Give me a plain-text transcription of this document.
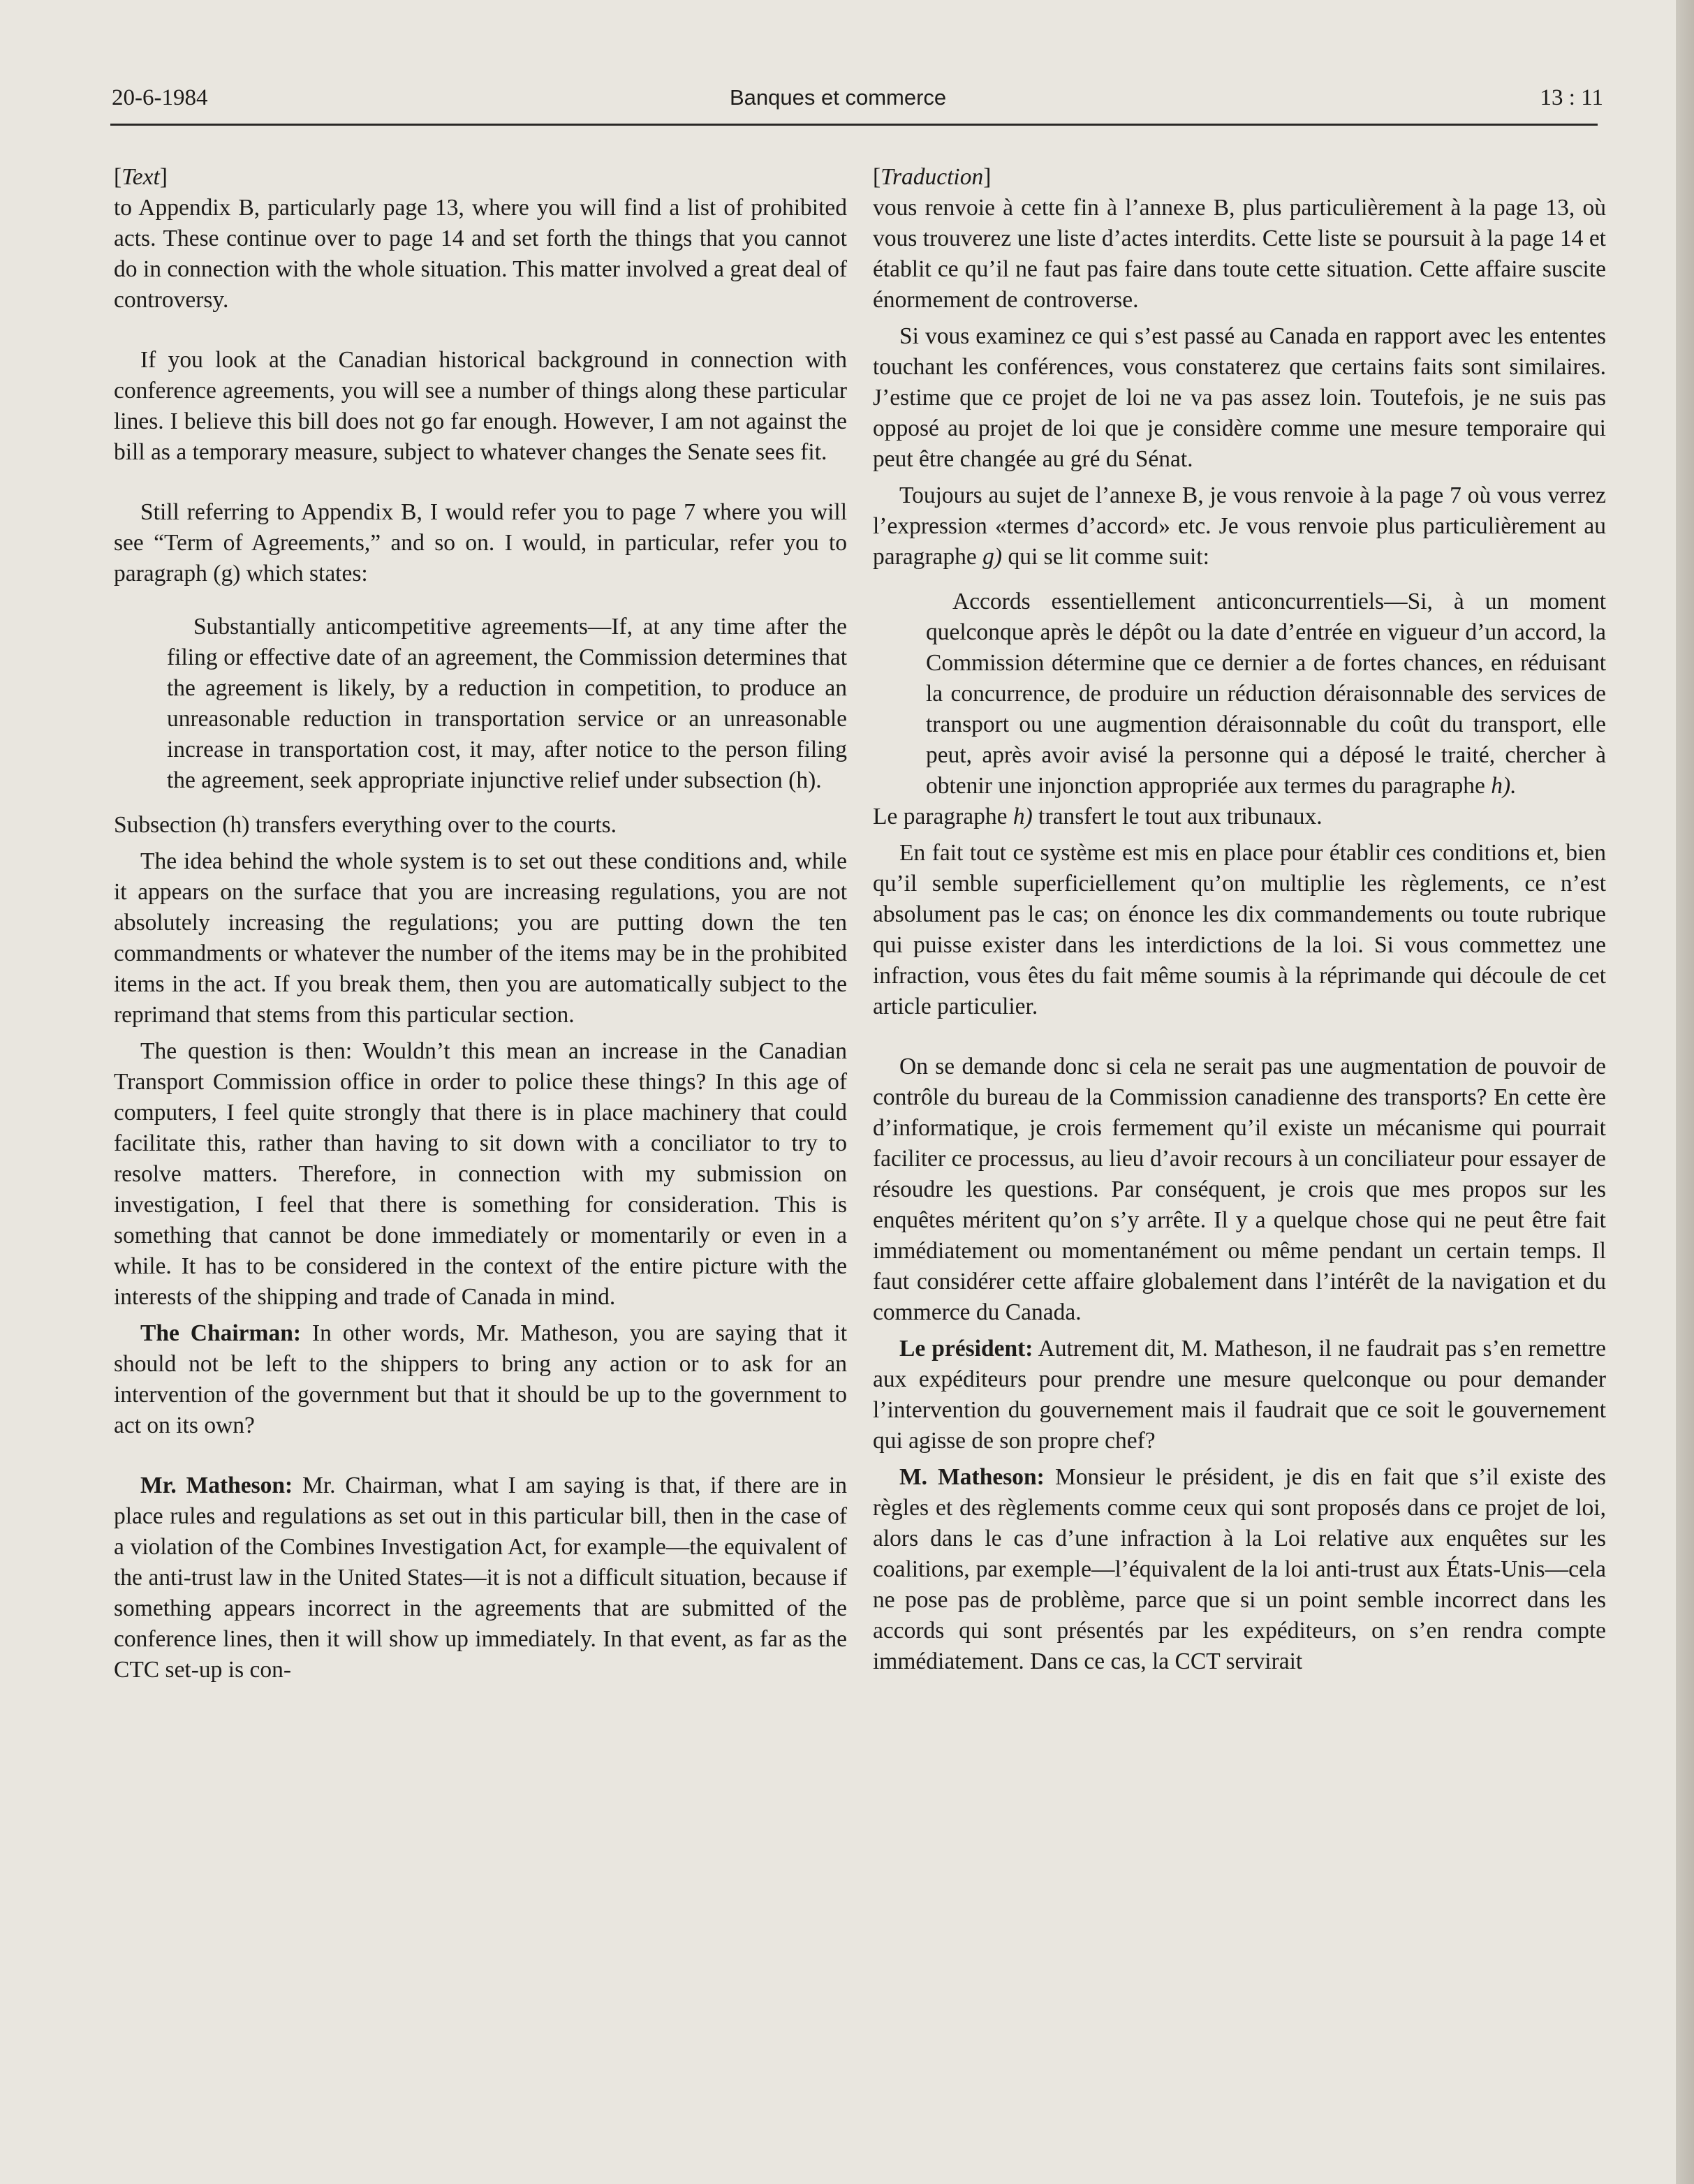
20-6-1984	Banques et commerce	13 : 11
[Text]

to Appendix B, particularly page 13, where you will find a list of prohibited acts. These continue over to page 14 and set forth the things that you cannot do in connection with the whole situation. This matter involved a great deal of controversy.

If you look at the Canadian historical background in connection with conference agreements, you will see a number of things along these particular lines. I believe this bill does not go far enough. However, I am not against the bill as a temporary measure, subject to whatever changes the Senate sees fit.

Still referring to Appendix B, I would refer you to page 7 where you will see “Term of Agreements,” and so on. I would, in particular, refer you to paragraph (g) which states:

Substantially anticompetitive agreements—If, at any time after the filing or effective date of an agreement, the Commission determines that the agreement is likely, by a reduction in competition, to produce an unreasonable reduction in transportation service or an unreasonable increase in transportation cost, it may, after notice to the person filing the agreement, seek appropriate injunctive relief under subsection (h).

Subsection (h) transfers everything over to the courts.

The idea behind the whole system is to set out these conditions and, while it appears on the surface that you are increasing regulations, you are not absolutely increasing the regulations; you are putting down the ten commandments or whatever the number of the items may be in the prohibited items in the act. If you break them, then you are automatically subject to the reprimand that stems from this particular section.

The question is then: Wouldn’t this mean an increase in the Canadian Transport Commission office in order to police these things? In this age of computers, I feel quite strongly that there is in place machinery that could facilitate this, rather than having to sit down with a conciliator to try to resolve matters. Therefore, in connection with my submission on investigation, I feel that there is something for consideration. This is something that cannot be done immediately or momentarily or even in a while. It has to be considered in the context of the entire picture with the interests of the shipping and trade of Canada in mind.

The Chairman: In other words, Mr. Matheson, you are saying that it should not be left to the shippers to bring any action or to ask for an intervention of the government but that it should be up to the government to act on its own?

Mr. Matheson: Mr. Chairman, what I am saying is that, if there are in place rules and regulations as set out in this particular bill, then in the case of a violation of the Combines Investigation Act, for example—the equivalent of the anti-trust law in the United States—it is not a difficult situation, because if something appears incorrect in the agreements that are submitted of the conference lines, then it will show up immediately. In that event, as far as the CTC set-up is con-

[Traduction]

vous renvoie à cette fin à l’annexe B, plus particulièrement à la page 13, où vous trouverez une liste d’actes interdits. Cette liste se poursuit à la page 14 et établit ce qu’il ne faut pas faire dans toute cette situation. Cette affaire suscite énormement de controverse.

Si vous examinez ce qui s’est passé au Canada en rapport avec les ententes touchant les conférences, vous constaterez que certains faits sont similaires. J’estime que ce projet de loi ne va pas assez loin. Toutefois, je ne suis pas opposé au projet de loi que je considère comme une mesure temporaire qui peut être changée au gré du Sénat.

Toujours au sujet de l’annexe B, je vous renvoie à la page 7 où vous verrez l’expression «termes d’accord» etc. Je vous renvoie plus particulièrement au paragraphe g) qui se lit comme suit:

Accords essentiellement anticoncurrentiels—Si, à un moment quelconque après le dépôt ou la date d’entrée en vigueur d’un accord, la Commission détermine que ce dernier a de fortes chances, en réduisant la concurrence, de produire un réduction déraisonnable des services de transport ou une augmention déraisonnable du coût du transport, elle peut, après avoir avisé la personne qui a déposé le traité, chercher à obtenir une injonction appropriée aux termes du paragraphe h).

Le paragraphe h) transfert le tout aux tribunaux.

En fait tout ce système est mis en place pour établir ces conditions et, bien qu’il semble superficiellement qu’on multiplie les règlements, ce n’est absolument pas le cas; on énonce les dix commandements ou toute rubrique qui puisse exister dans les interdictions de la loi. Si vous commettez une infraction, vous êtes du fait même soumis à la réprimande qui découle de cet article particulier.

On se demande donc si cela ne serait pas une augmentation de pouvoir de contrôle du bureau de la Commission canadienne des transports? En cette ère d’informatique, je crois fermement qu’il existe un mécanisme qui pourrait faciliter ce processus, au lieu d’avoir recours à un conciliateur pour essayer de résoudre les questions. Par conséquent, je crois que mes propos sur les enquêtes méritent qu’on s’y arrête. Il y a quelque chose qui ne peut être fait immédiatement ou momentanément ou même pendant un certain temps. Il faut considérer cette affaire globalement dans l’intérêt de la navigation et du commerce du Canada.

Le président: Autrement dit, M. Matheson, il ne faudrait pas s’en remettre aux expéditeurs pour prendre une mesure quelconque ou pour demander l’intervention du gouvernement mais il faudrait que ce soit le gouvernement qui agisse de son propre chef?

M. Matheson: Monsieur le président, je dis en fait que s’il existe des règles et des règlements comme ceux qui sont proposés dans ce projet de loi, alors dans le cas d’une infraction à la Loi relative aux enquêtes sur les coalitions, par exemple—l’équivalent de la loi anti-trust aux États-Unis—cela ne pose pas de problème, parce que si un point semble incorrect dans les accords qui sont présentés par les expéditeurs, on s’en rendra compte immédiatement. Dans ce cas, la CCT servirait
